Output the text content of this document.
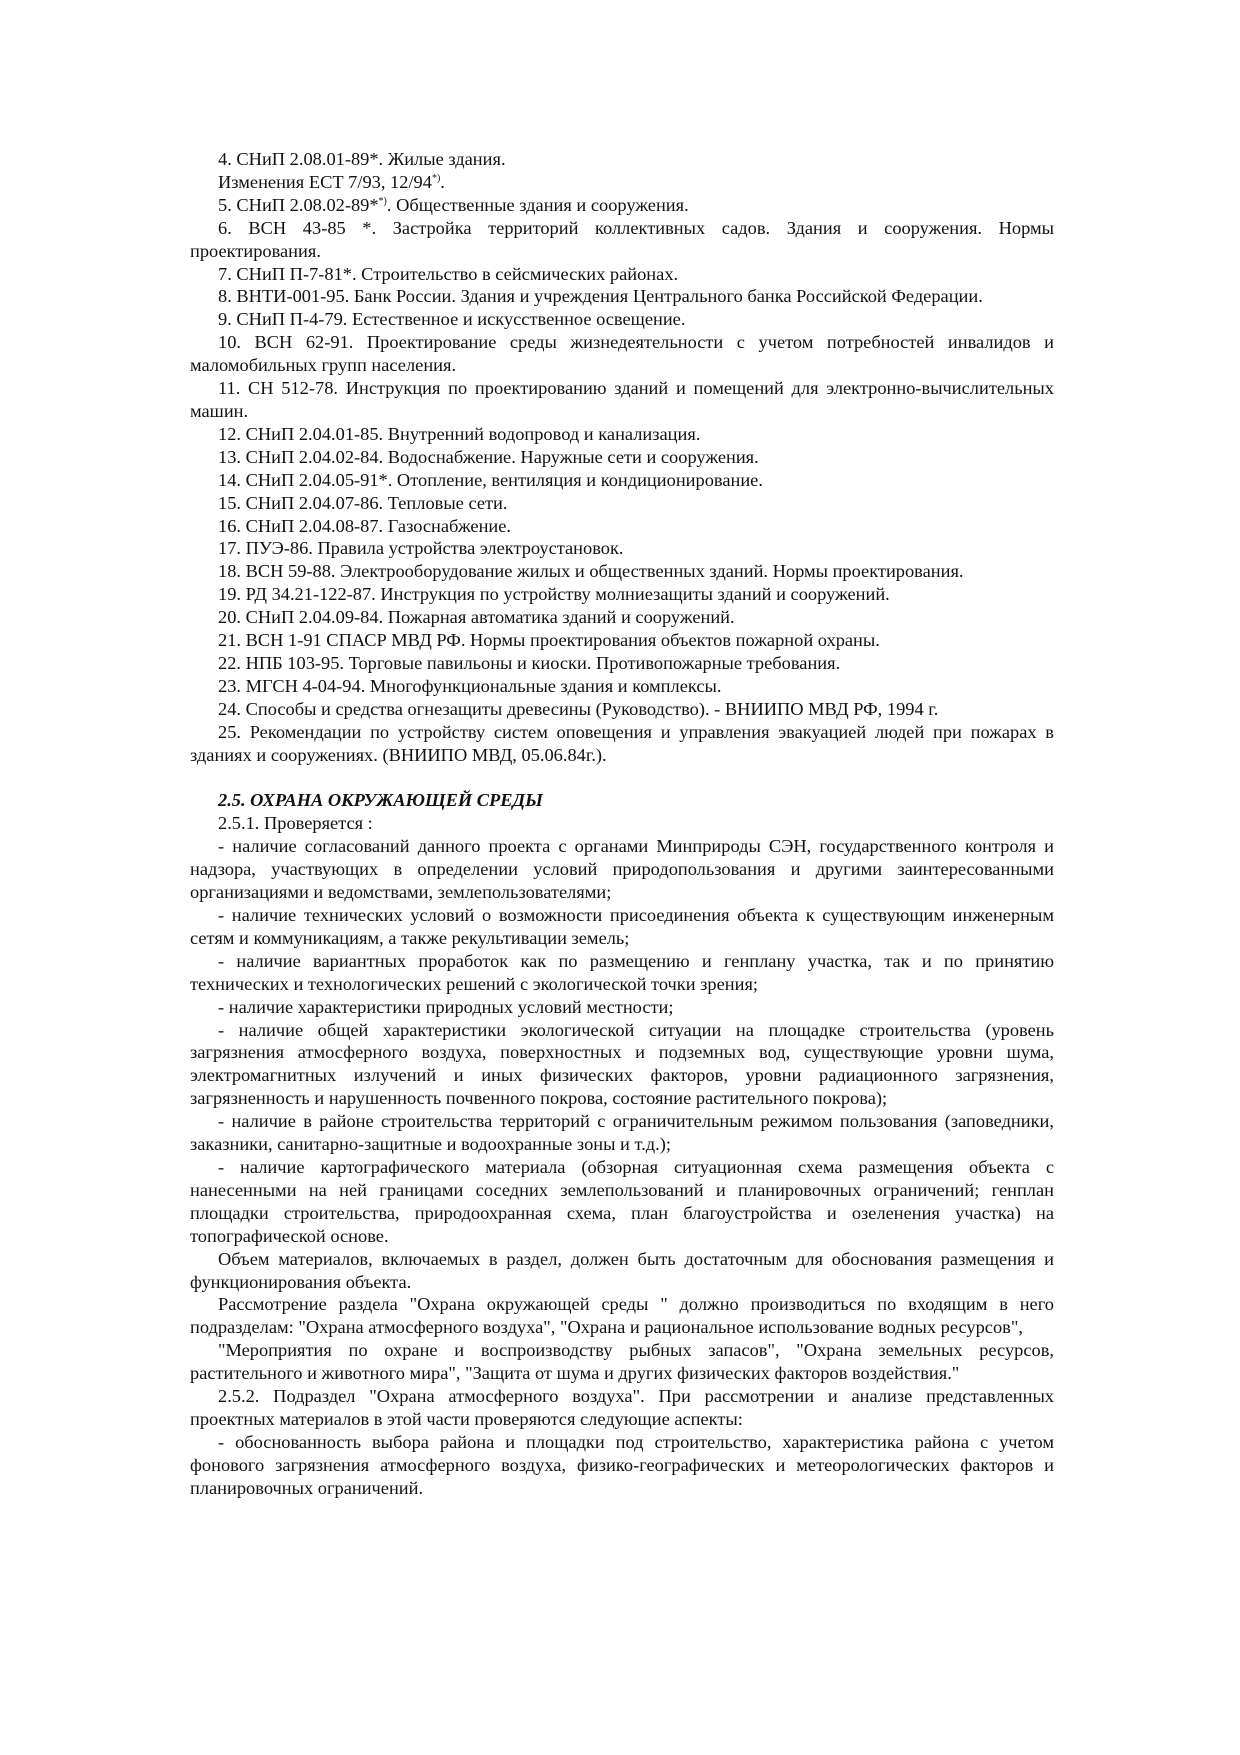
4. СНиП 2.08.01-89*. Жилые здания.

Изменения ЕСТ 7/93, 12/94*).

5. СНиП 2.08.02-89**). Общественные здания и сооружения.

6. ВСН 43-85 *. Застройка территорий коллективных садов. Здания и сооружения. Нормы проектирования.

7. СНиП П-7-81*. Строительство в сейсмических районах.

8. ВНТИ-001-95. Банк России. Здания и учреждения Центрального банка Российской Федерации.

9. СНиП П-4-79. Естественное и искусственное освещение.

10. ВСН 62-91. Проектирование среды жизнедеятельности с учетом потребностей инвалидов и маломобильных групп населения.

11. СН 512-78. Инструкция по проектированию зданий и помещений для электронно-вычислительных машин.

12. СНиП 2.04.01-85. Внутренний водопровод и канализация.

13. СНиП 2.04.02-84. Водоснабжение. Наружные сети и сооружения.

14. СНиП 2.04.05-91*. Отопление, вентиляция и кондиционирование.

15. СНиП 2.04.07-86. Тепловые сети.

16. СНиП 2.04.08-87. Газоснабжение.

17. ПУЭ-86. Правила устройства электроустановок.

18. ВСН 59-88. Электрооборудование жилых и общественных зданий. Нормы проектирования.

19. РД 34.21-122-87. Инструкция по устройству молниезащиты зданий и сооружений.

20. СНиП 2.04.09-84. Пожарная автоматика зданий и сооружений.

21. ВСН 1-91 СПАСР МВД РФ. Нормы проектирования объектов пожарной охраны.

22. НПБ 103-95. Торговые павильоны и киоски. Противопожарные требования.

23. МГСН 4-04-94. Многофункциональные здания и комплексы.

24. Способы и средства огнезащиты древесины (Руководство). - ВНИИПО МВД РФ, 1994 г.

25. Рекомендации по устройству систем оповещения и управления эвакуацией людей при пожарах в зданиях и сооружениях. (ВНИИПО МВД, 05.06.84г.).

2.5. ОХРАНА ОКРУЖАЮЩЕЙ СРЕДЫ

2.5.1. Проверяется :

- наличие согласований данного проекта с органами Минприроды СЭН, государственного контроля и надзора, участвующих в определении условий природопользования и другими заинтересованными организациями и ведомствами, землепользователями;

- наличие технических условий о возможности присоединения объекта к существующим инженерным сетям и коммуникациям, а также рекультивации земель;

- наличие вариантных проработок как по размещению и генплану участка, так и по принятию технических и технологических решений с экологической точки зрения;

- наличие характеристики природных условий местности;

- наличие общей характеристики экологической ситуации на площадке строительства (уровень загрязнения атмосферного воздуха, поверхностных и подземных вод, существующие уровни шума, электромагнитных излучений и иных физических факторов, уровни радиационного загрязнения, загрязненность и нарушенность почвенного покрова, состояние растительного покрова);

- наличие в районе строительства территорий с ограничительным режимом пользования (заповедники, заказники, санитарно-защитные и водоохранные зоны и т.д.);

- наличие картографического материала (обзорная ситуационная схема размещения объекта с нанесенными на ней границами соседних землепользований и планировочных ограничений; генплан площадки строительства, природоохранная схема, план благоустройства и озеленения участка) на топографической основе.

Объем материалов, включаемых в раздел, должен быть достаточным для обоснования размещения и функционирования объекта.

Рассмотрение раздела "Охрана окружающей среды " должно производиться по входящим в него подразделам: "Охрана атмосферного воздуха", "Охрана и рациональное использование водных ресурсов",

"Мероприятия по охране и воспроизводству рыбных запасов", "Охрана земельных ресурсов, растительного и животного мира", "Защита от шума и других физических факторов воздействия."

2.5.2. Подраздел "Охрана атмосферного воздуха". При рассмотрении и анализе представленных проектных материалов в этой части проверяются следующие аспекты:

- обоснованность выбора района и площадки под строительство, характеристика района с учетом фонового загрязнения атмосферного воздуха, физико-географических и метеорологических факторов и планировочных ограничений.
